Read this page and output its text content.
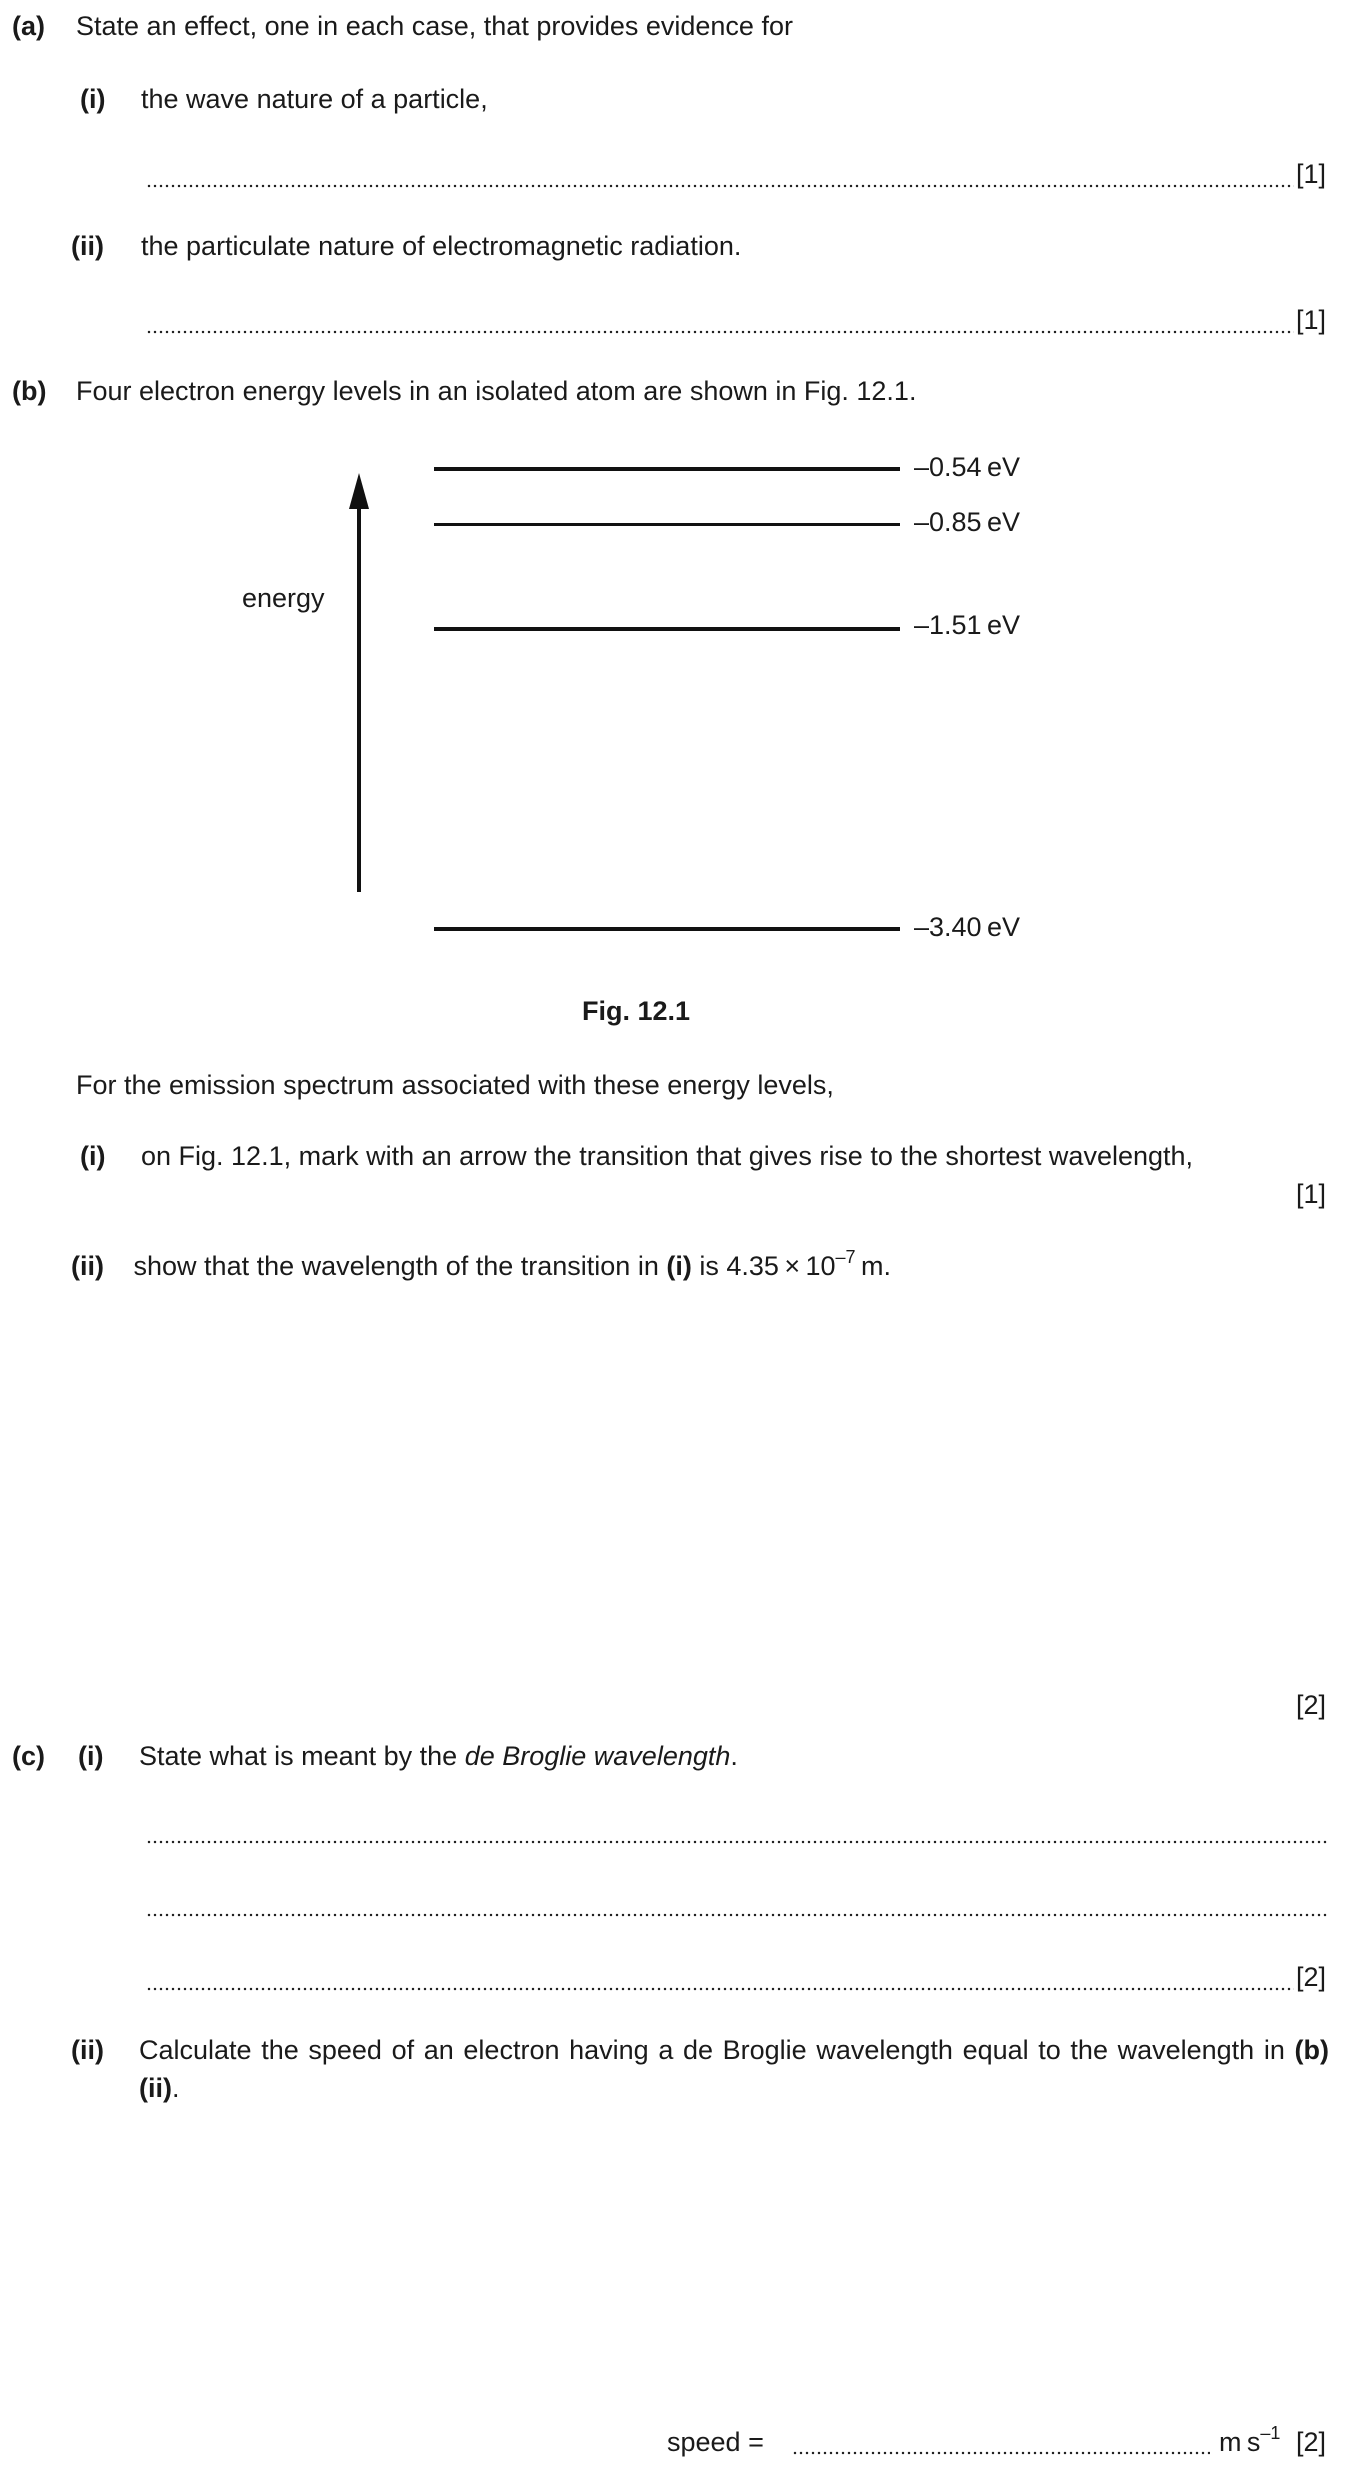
(a) State an effect, one in each case, that provides evidence for
(i) the wave nature of a particle,
[1]
(ii) the particulate nature of electromagnetic radiation.
[1]
(b) Four electron energy levels in an isolated atom are shown in Fig. 12.1.
energy
–0.54 eV
–0.85 eV
–1.51 eV
–3.40 eV
Fig. 12.1
For the emission spectrum associated with these energy levels,
(i) on Fig. 12.1, mark with an arrow the transition that gives rise to the shortest wavelength,
[1]
(ii) show that the wavelength of the transition in (i) is $4.35 \times 10^{-7}$ m.
[2]
(c) (i) State what is meant by the de Broglie wavelength.
[2]
(ii) Calculate the speed of an electron having a de Broglie wavelength equal to the wavelength in (b)(ii).
speed =	m $s^{-1}$ [2]
